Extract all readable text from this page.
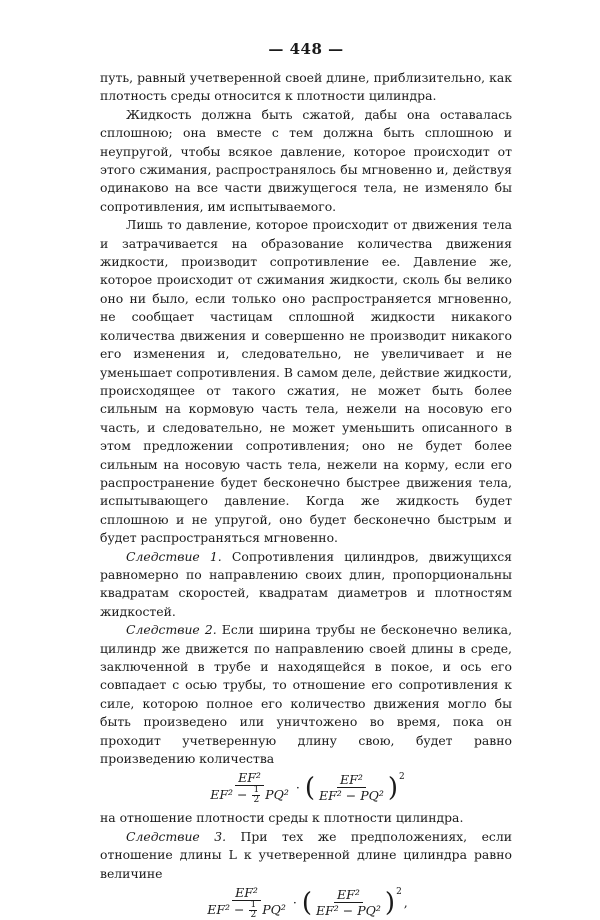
— 448 —

путь, равный учетверенной своей длине, приблизительно, как плотность среды относится к плотности цилиндра.

Жидкость должна быть сжатой, дабы она оставалась сплошною; она вместе с тем должна быть сплошною и неупругой, чтобы всякое давление, которое происходит от этого сжимания, распространялось бы мгновенно и, действуя одинаково на все части движущегося тела, не изменяло бы сопротивления, им испытываемого.

Лишь то давление, которое происходит от движения тела и затрачивается на образование количества движения жидкости, производит сопротивление ее. Давление же, которое происходит от сжимания жидкости, сколь бы велико оно ни было, если только оно распространяется мгновенно, не сообщает частицам сплошной жидкости никакого количества движения и совершенно не производит никакого его изменения и, следовательно, не увеличивает и не уменьшает сопротивления. В самом деле, действие жидкости, происходящее от такого сжатия, не может быть более сильным на кормовую часть тела, нежели на носовую его часть, и следовательно, не может уменьшить описанного в этом предложении сопротивления; оно не будет более сильным на носовую часть тела, нежели на корму, если его распространение будет бесконечно быстрее движения тела, испытывающего давление. Когда же жидкость будет сплошною и не упругой, оно будет бесконечно быстрым и будет распространяться мгновенно.

Следствие 1. Сопротивления цилиндров, движущихся равномерно по направлению своих длин, пропорциональны квадратам скоростей, квадратам диаметров и плотностям жидкостей.

Следствие 2. Если ширина трубы не бесконечно велика, цилиндр же движется по направлению своей длины в среде, заключенной в трубе и находящейся в покое, и ось его совпадает с осью трубы, то отношение его сопротивления к силе, которою полное его количество движения могло бы быть произведено или уничтожено во время, пока он проходит учетверенную длину свою, будет равно произведению количества

$\frac{\text{EF²}}{EF^2 - \frac{1}{2} PQ^2}$ · ( $\frac{\text{EF²}}{\text{EF² − PQ²}}$ ) 2

на отношение плотности среды к плотности цилиндра.

Следствие 3. При тех же предположениях, если отношение длины L к учетверенной длине цилиндра равно величине

$\frac{\text{EF²}}{EF^2 - \frac{1}{2} PQ^2}$ · ( $\frac{\text{EF²}}{\text{EF² − PQ²}}$ ) 2
,
